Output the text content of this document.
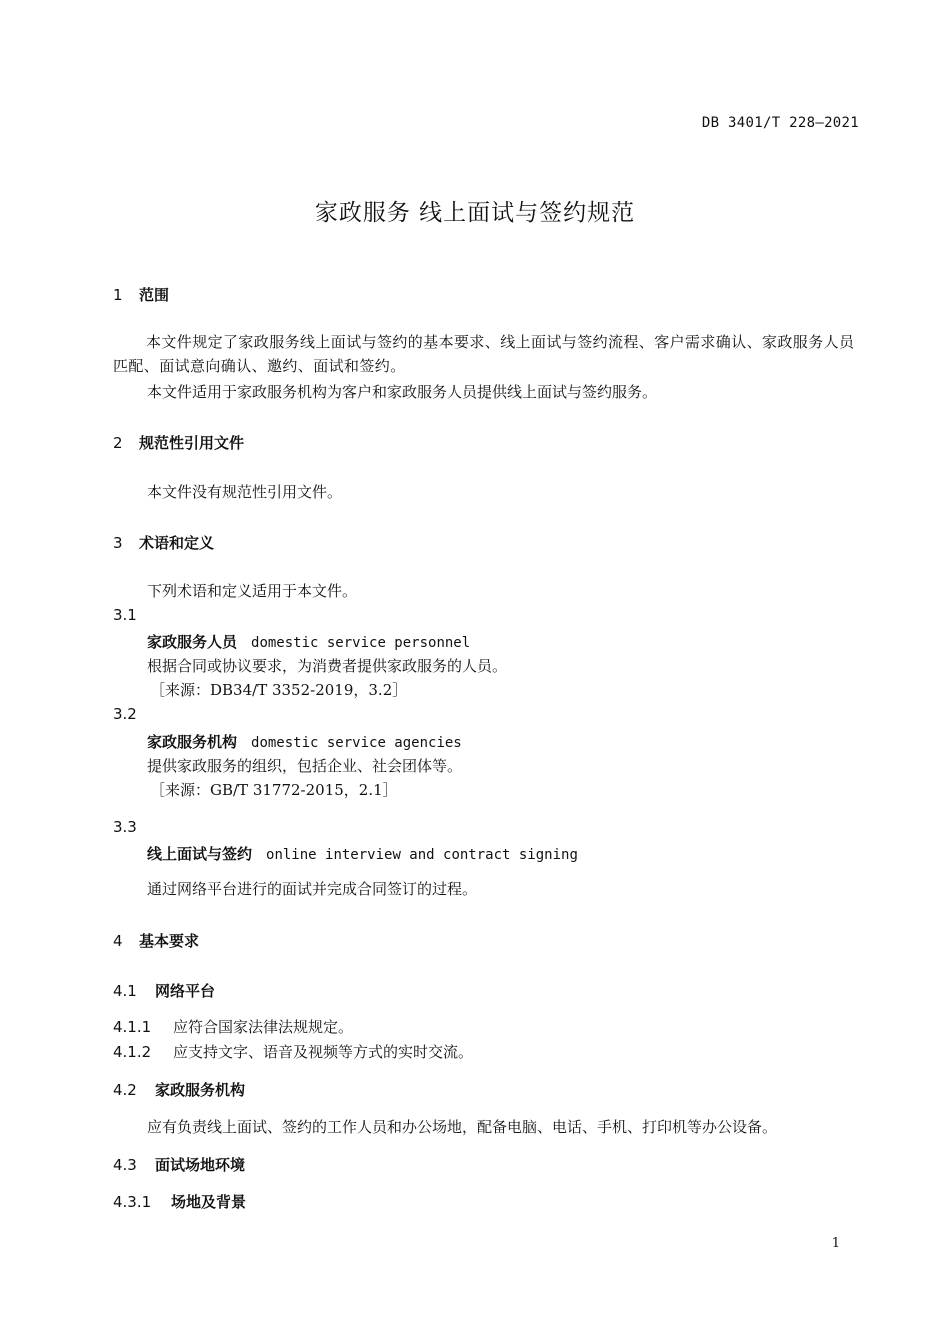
DB 3401/T 228—2021
家政服务 线上面试与签约规范
1 范围
本文件规定了家政服务线上面试与签约的基本要求、线上面试与签约流程、客户需求确认、家政服务人员匹配、面试意向确认、邀约、面试和签约。
本文件适用于家政服务机构为客户和家政服务人员提供线上面试与签约服务。
2 规范性引用文件
本文件没有规范性引用文件。
3 术语和定义
下列术语和定义适用于本文件。
3.1
家政服务人员 domestic service personnel
根据合同或协议要求，为消费者提供家政服务的人员。
［来源：DB34/T 3352-2019，3.2］
3.2
家政服务机构 domestic service agencies
提供家政服务的组织，包括企业、社会团体等。
［来源：GB/T 31772-2015，2.1］
3.3
线上面试与签约 online interview and contract signing
通过网络平台进行的面试并完成合同签订的过程。
4 基本要求
4.1 网络平台
4.1.1 应符合国家法律法规规定。
4.1.2 应支持文字、语音及视频等方式的实时交流。
4.2 家政服务机构
应有负责线上面试、签约的工作人员和办公场地，配备电脑、电话、手机、打印机等办公设备。
4.3 面试场地环境
4.3.1 场地及背景
1
